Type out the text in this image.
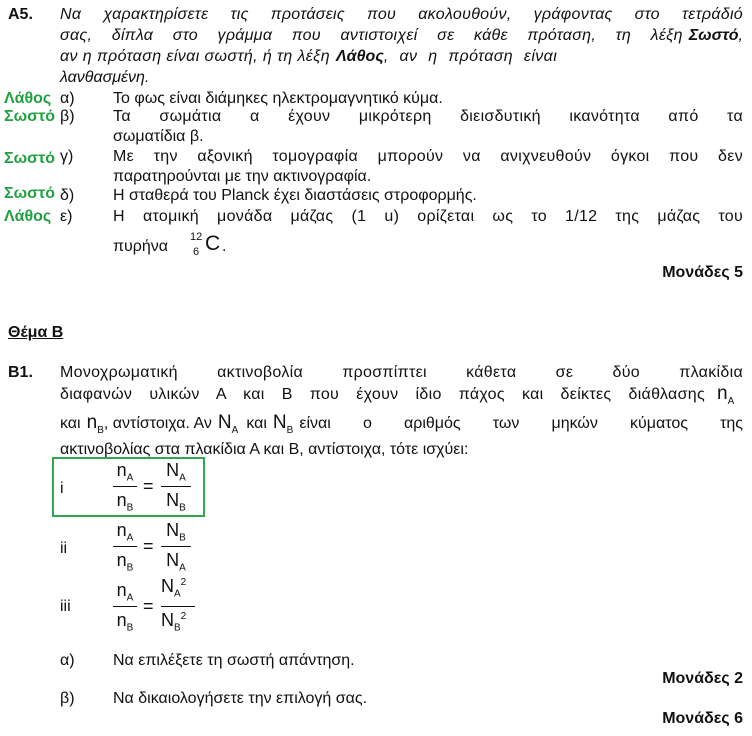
A5. Να χαρακτηρίσετε τις προτάσεις που ακολουθούν, γράφοντας στο τετράδιό
σας, δίπλα στο γράμμα που αντιστοιχεί σε κάθε πρόταση, τη λέξη Σωστό ,
αν η πρόταση είναι σωστή, ή τη λέξη Λάθος , αν η πρόταση είναι
λανθασμένη.
Λάθος α) Το φως είναι διάμηκες ηλεκτρομαγνητικό κύμα.
Σωστό β) Τα σωμάτια α έχουν μικρότερη διεισδυτική ικανότητα από τα
σωματίδια β.
Σωστό γ) Με την αξονική τομογραφία μπορούν να ανιχνευθούν όγκοι που δεν
παρατηρούνται με την ακτινογραφία.
Σωστό δ) Η σταθερά του Planck έχει διαστάσεις στροφορμής.
Λάθος ε)	Η ατομική μονάδα μάζας (1 u) ορίζεται ως το 1/12 της μάζας του
πυρήνα
12
6 C .
Μονάδες 5
Θέμα Β
B1. Μονοχρωματική ακτινοβολία προσπίπτει κάθετα σε δύο πλακίδια
διαφανών υλικών Α και Β που έχουν ίδιο πάχος και δείκτες διάθλασης $n_A$
και $n_B$ , αντίστοιχα. Αν $N_A$ και $N_B$ είναι ο αριθμός των μηκών κύματος της
ακτινοβολίας στα πλακίδια Α και Β, αντίστοιχα, τότε ισχύει:
i
$n_A$
$n_B$
=
$N_A$
$N_B$
ii
$n_A$
$n_B$
=
$N_B$
$N_A$
iii
$n_A$
$n_B$
=
$N_A^2$
$N_B^2$
α) Να επιλέξετε τη σωστή απάντηση.
Μονάδες 2
β) Να δικαιολογήσετε την επιλογή σας.
Μονάδες 6
